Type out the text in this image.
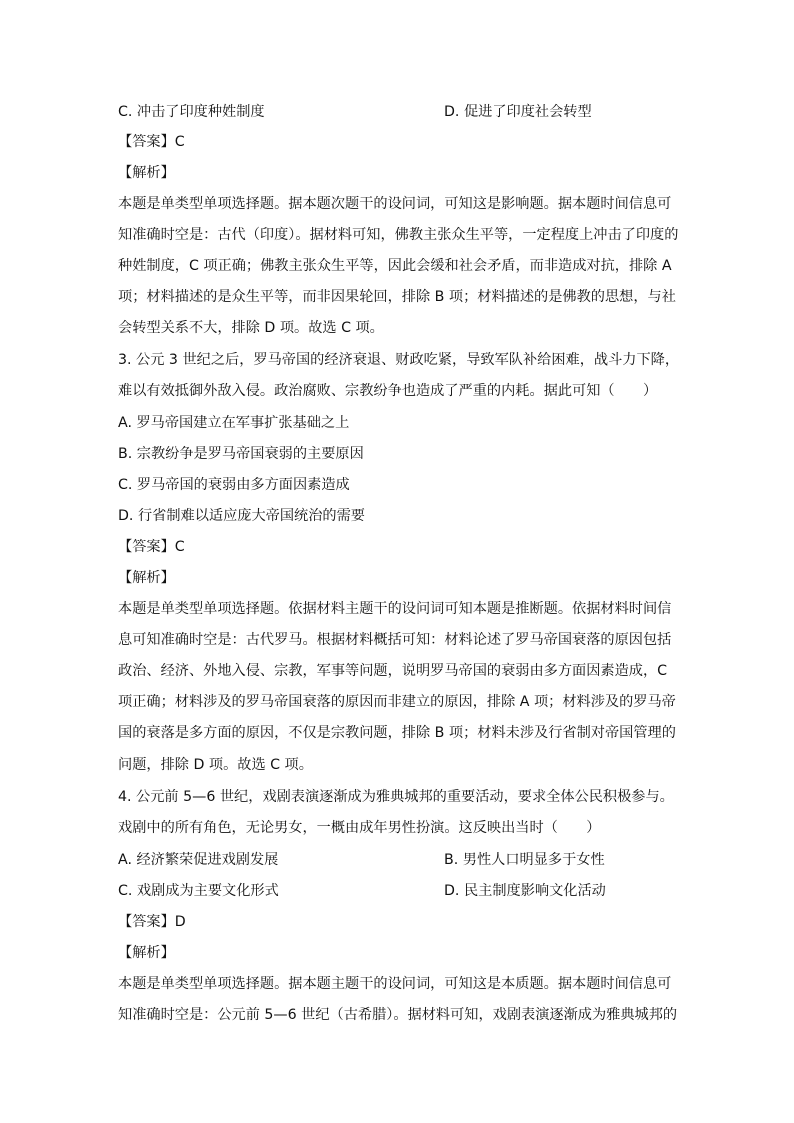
C. 冲击了印度种姓制度	D. 促进了印度社会转型
【答案】C
【解析】
本题是单类型单项选择题。据本题次题干的设问词，可知这是影响题。据本题时间信息可
知准确时空是：古代（印度）。据材料可知，佛教主张众生平等，一定程度上冲击了印度的
种姓制度，C 项正确；佛教主张众生平等，因此会缓和社会矛盾，而非造成对抗，排除 A
项；材料描述的是众生平等，而非因果轮回，排除 B 项；材料描述的是佛教的思想，与社
会转型关系不大，排除 D 项。故选 C 项。
3. 公元 3 世纪之后，罗马帝国的经济衰退、财政吃紧，导致军队补给困难，战斗力下降，
难以有效抵御外敌入侵。政治腐败、宗教纷争也造成了严重的内耗。据此可知（　　）
A. 罗马帝国建立在军事扩张基础之上
B. 宗教纷争是罗马帝国衰弱的主要原因
C. 罗马帝国的衰弱由多方面因素造成
D. 行省制难以适应庞大帝国统治的需要
【答案】C
【解析】
本题是单类型单项选择题。依据材料主题干的设问词可知本题是推断题。依据材料时间信
息可知准确时空是：古代罗马。根据材料概括可知：材料论述了罗马帝国衰落的原因包括
政治、经济、外地入侵、宗教，军事等问题，说明罗马帝国的衰弱由多方面因素造成，C
项正确；材料涉及的罗马帝国衰落的原因而非建立的原因，排除 A 项；材料涉及的罗马帝
国的衰落是多方面的原因，不仅是宗教问题，排除 B 项；材料未涉及行省制对帝国管理的
问题，排除 D 项。故选 C 项。
4. 公元前 5—6 世纪，戏剧表演逐渐成为雅典城邦的重要活动，要求全体公民积极参与。
戏剧中的所有角色，无论男女，一概由成年男性扮演。这反映出当时（　　）
A. 经济繁荣促进戏剧发展	B. 男性人口明显多于女性
C. 戏剧成为主要文化形式	D. 民主制度影响文化活动
【答案】D
【解析】
本题是单类型单项选择题。据本题主题干的设问词，可知这是本质题。据本题时间信息可
知准确时空是：公元前 5—6 世纪（古希腊）。据材料可知，戏剧表演逐渐成为雅典城邦的
